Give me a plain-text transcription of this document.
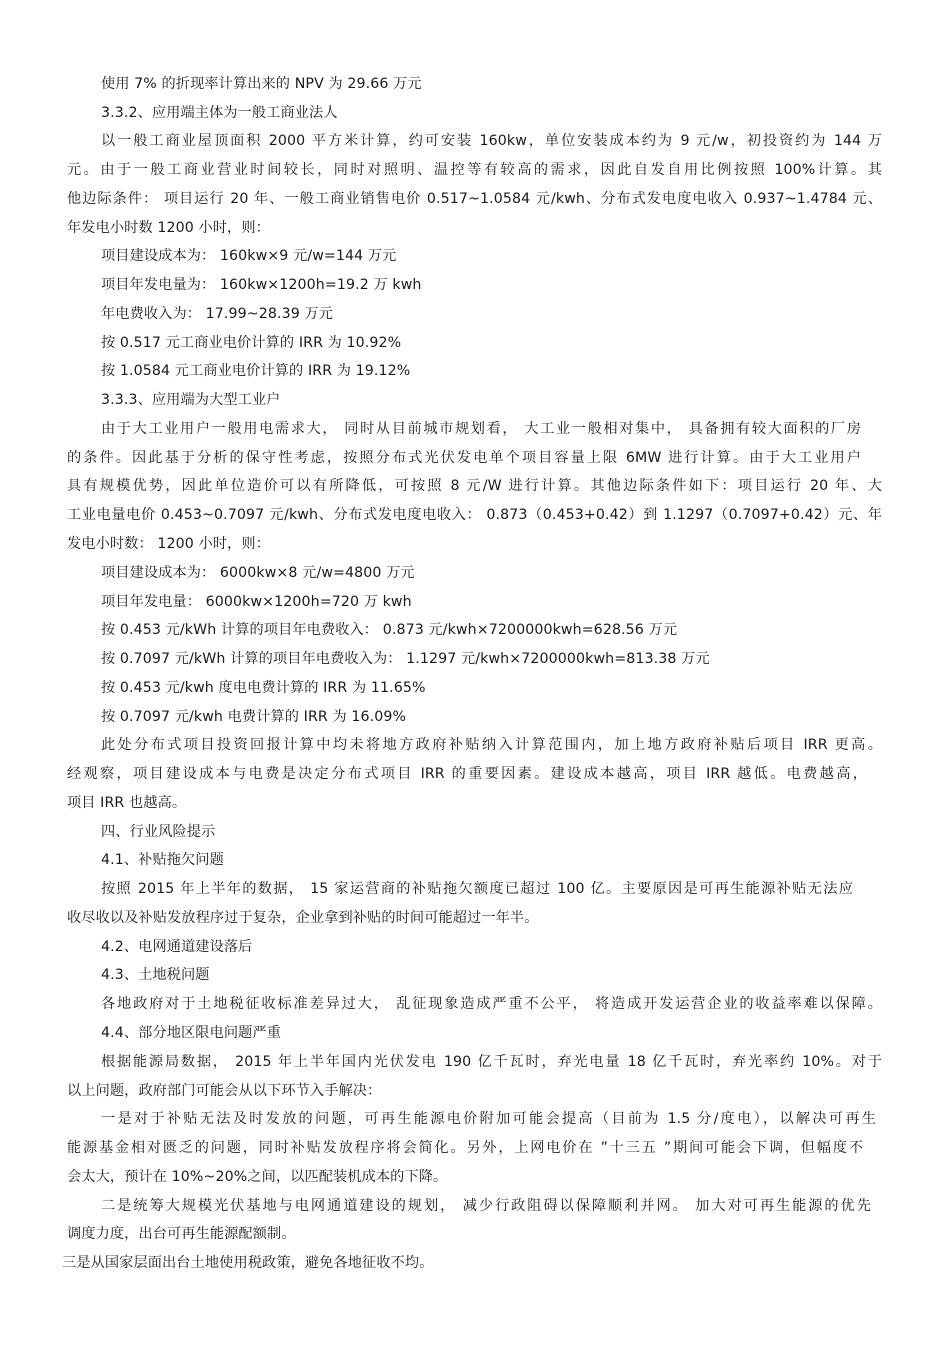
使用 7% 的折现率计算出来的 NPV 为 29.66 万元

3.3.2、应用端主体为一般工商业法人

以一般工商业屋顶面积 2000 平方米计算，约可安装 160kw，单位安装成本约为 9 元/w，初投资约为 144 万

元。由于一般工商业营业时间较长，同时对照明、温控等有较高的需求，因此自发自用比例按照 100%计算。其

他边际条件： 项目运行 20 年、一般工商业销售电价 0.517~1.0584 元/kwh、分布式发电度电收入 0.937~1.4784 元、

年发电小时数 1200 小时，则：

项目建设成本为： 160kw×9 元/w=144 万元

项目年发电量为： 160kw×1200h=19.2 万 kwh

年电费收入为： 17.99~28.39 万元

按 0.517 元工商业电价计算的 IRR 为 10.92%

按 1.0584 元工商业电价计算的 IRR 为 19.12%

3.3.3、应用端为大型工业户

由于大工业用户一般用电需求大， 同时从目前城市规划看， 大工业一般相对集中， 具备拥有较大面积的厂房

的条件。因此基于分析的保守性考虑，按照分布式光伏发电单个项目容量上限 6MW 进行计算。由于大工业用户

具有规模优势，因此单位造价可以有所降低，可按照 8 元/W 进行计算。其他边际条件如下：项目运行 20 年、大

工业电量电价 0.453~0.7097 元/kwh、分布式发电度电收入： 0.873（0.453+0.42）到 1.1297（0.7097+0.42）元、年

发电小时数： 1200 小时，则：

项目建设成本为： 6000kw×8 元/w=4800 万元

项目年发电量： 6000kw×1200h=720 万 kwh

按 0.453 元/kWh 计算的项目年电费收入： 0.873 元/kwh×7200000kwh=628.56 万元

按 0.7097 元/kWh 计算的项目年电费收入为： 1.1297 元/kwh×7200000kwh=813.38 万元

按 0.453 元/kwh 度电电费计算的 IRR 为 11.65%

按 0.7097 元/kwh 电费计算的 IRR 为 16.09%

此处分布式项目投资回报计算中均未将地方政府补贴纳入计算范围内，加上地方政府补贴后项目 IRR 更高。

经观察，项目建设成本与电费是决定分布式项目 IRR 的重要因素。建设成本越高，项目 IRR 越低。电费越高，

项目 IRR 也越高。

四、行业风险提示

4.1、补贴拖欠问题

按照 2015 年上半年的数据， 15 家运营商的补贴拖欠额度已超过 100 亿。主要原因是可再生能源补贴无法应

收尽收以及补贴发放程序过于复杂，企业拿到补贴的时间可能超过一年半。

4.2、电网通道建设落后

4.3、土地税问题

各地政府对于土地税征收标准差异过大， 乱征现象造成严重不公平， 将造成开发运营企业的收益率难以保障。

4.4、部分地区限电问题严重

根据能源局数据， 2015 年上半年国内光伏发电 190 亿千瓦时，弃光电量 18 亿千瓦时，弃光率约 10%。对于

以上问题，政府部门可能会从以下环节入手解决：

一是对于补贴无法及时发放的问题，可再生能源电价附加可能会提高（目前为 1.5 分/度电），以解决可再生

能源基金相对匮乏的问题，同时补贴发放程序将会简化。另外，上网电价在 ”十三五 ”期间可能会下调，但幅度不

会太大，预计在 10%~20%之间，以匹配装机成本的下降。

二是统筹大规模光伏基地与电网通道建设的规划， 减少行政阻碍以保障顺利并网。 加大对可再生能源的优先

调度力度，出台可再生能源配额制。

三是从国家层面出台土地使用税政策，避免各地征收不均。
